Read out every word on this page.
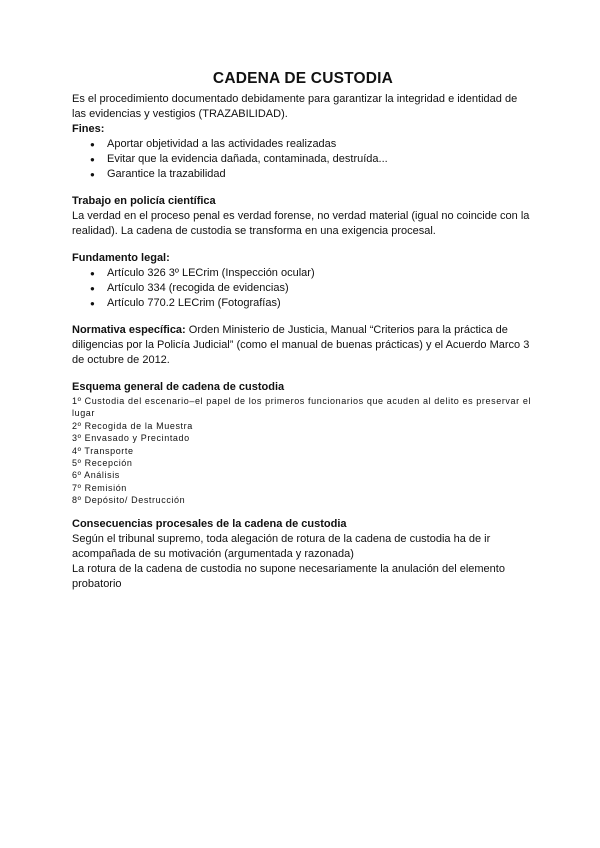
CADENA DE CUSTODIA

Es el procedimiento documentado debidamente para garantizar la integridad e identidad de las evidencias y vestigios (TRAZABILIDAD).

Fines:
● Aportar objetividad a las actividades realizadas
● Evitar que la evidencia dañada, contaminada, destruída...
● Garantice la trazabilidad
Trabajo en policía científica

La verdad en el proceso penal es verdad forense, no verdad material (igual no coincide con la realidad). La cadena de custodia se transforma en una exigencia procesal.

Fundamento legal:
● Artículo 326 3º LECrim (Inspección ocular)
● Artículo 334 (recogida de evidencias)
● Artículo 770.2 LECrim (Fotografías)

Normativa específica: Orden Ministerio de Justicia, Manual “Criterios para la práctica de diligencias por la Policía Judicial” (como el manual de buenas prácticas) y el Acuerdo Marco 3 de octubre de 2012.

Esquema general de cadena de custodia

1º Custodia del escenario–el papel de los primeros funcionarios que acuden al delito es preservar el lugar

2º Recogida de la Muestra

3º Envasado y Precintado

4º Transporte

5º Recepción

6º Análisis

7º Remisión

8º Depósito/ Destrucción

Consecuencias procesales de la cadena de custodia

Según el tribunal supremo, toda alegación de rotura de la cadena de custodia ha de ir acompañada de su motivación (argumentada y razonada)

La rotura de la cadena de custodia no supone necesariamente la anulación del elemento probatorio
